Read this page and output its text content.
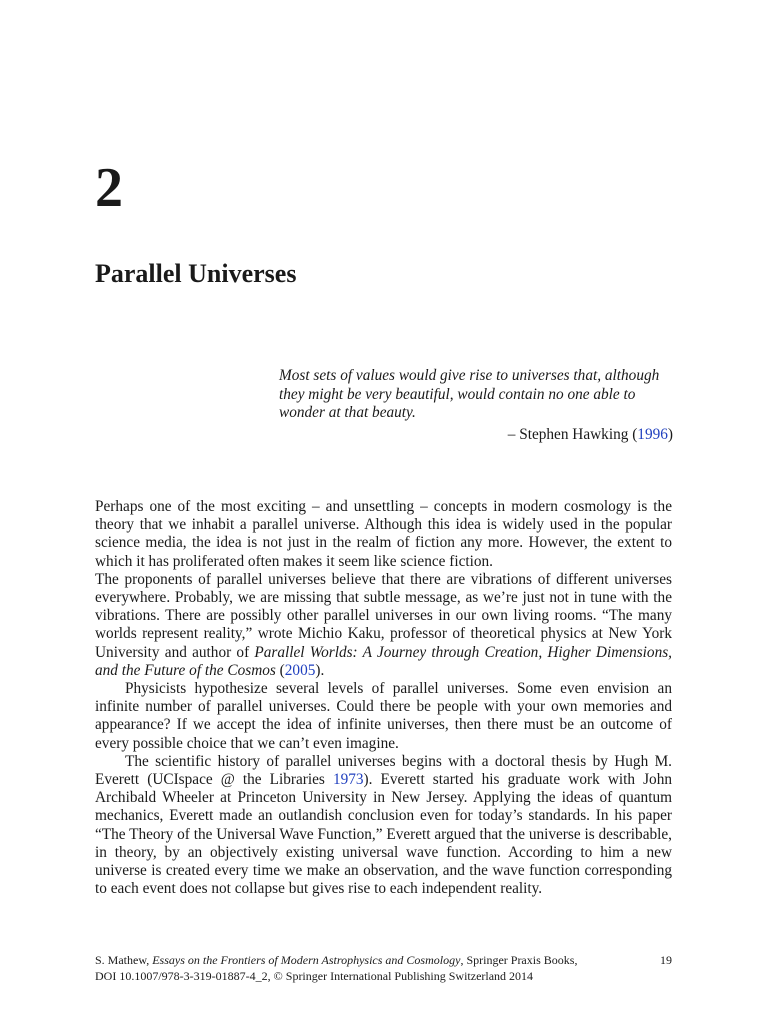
2
Parallel Universes

Most sets of values would give rise to universes that, although they might be very beautiful, would contain no one able to wonder at that beauty.

– Stephen Hawking (1996)

Perhaps one of the most exciting – and unsettling – concepts in modern cosmology is the theory that we inhabit a parallel universe. Although this idea is widely used in the popular science media, the idea is not just in the realm of fiction any more. However, the extent to which it has proliferated often makes it seem like science fiction.

The proponents of parallel universes believe that there are vibrations of different universes everywhere. Probably, we are missing that subtle message, as we’re just not in tune with the vibrations. There are possibly other parallel universes in our own living rooms. “The many worlds represent reality,” wrote Michio Kaku, professor of theoretical physics at New York University and author of Parallel Worlds: A Journey through Creation, Higher Dimensions, and the Future of the Cosmos (2005).

Physicists hypothesize several levels of parallel universes. Some even envision an infinite number of parallel universes. Could there be people with your own memories and appearance? If we accept the idea of infinite universes, then there must be an outcome of every possible choice that we can’t even imagine.

The scientific history of parallel universes begins with a doctoral thesis by Hugh M. Everett (UCIspace @ the Libraries 1973). Everett started his graduate work with John Archibald Wheeler at Princeton University in New Jersey. Applying the ideas of quantum mechanics, Everett made an outlandish conclusion even for today’s standards. In his paper “The Theory of the Universal Wave Function,” Everett argued that the universe is describable, in theory, by an objectively existing universal wave function. According to him a new universe is created every time we make an observation, and the wave function corresponding to each event does not collapse but gives rise to each independent reality.

S. Mathew, Essays on the Frontiers of Modern Astrophysics and Cosmology, Springer Praxis Books,

DOI 10.1007/978-3-319-01887-4_2, © Springer International Publishing Switzerland 2014

19
